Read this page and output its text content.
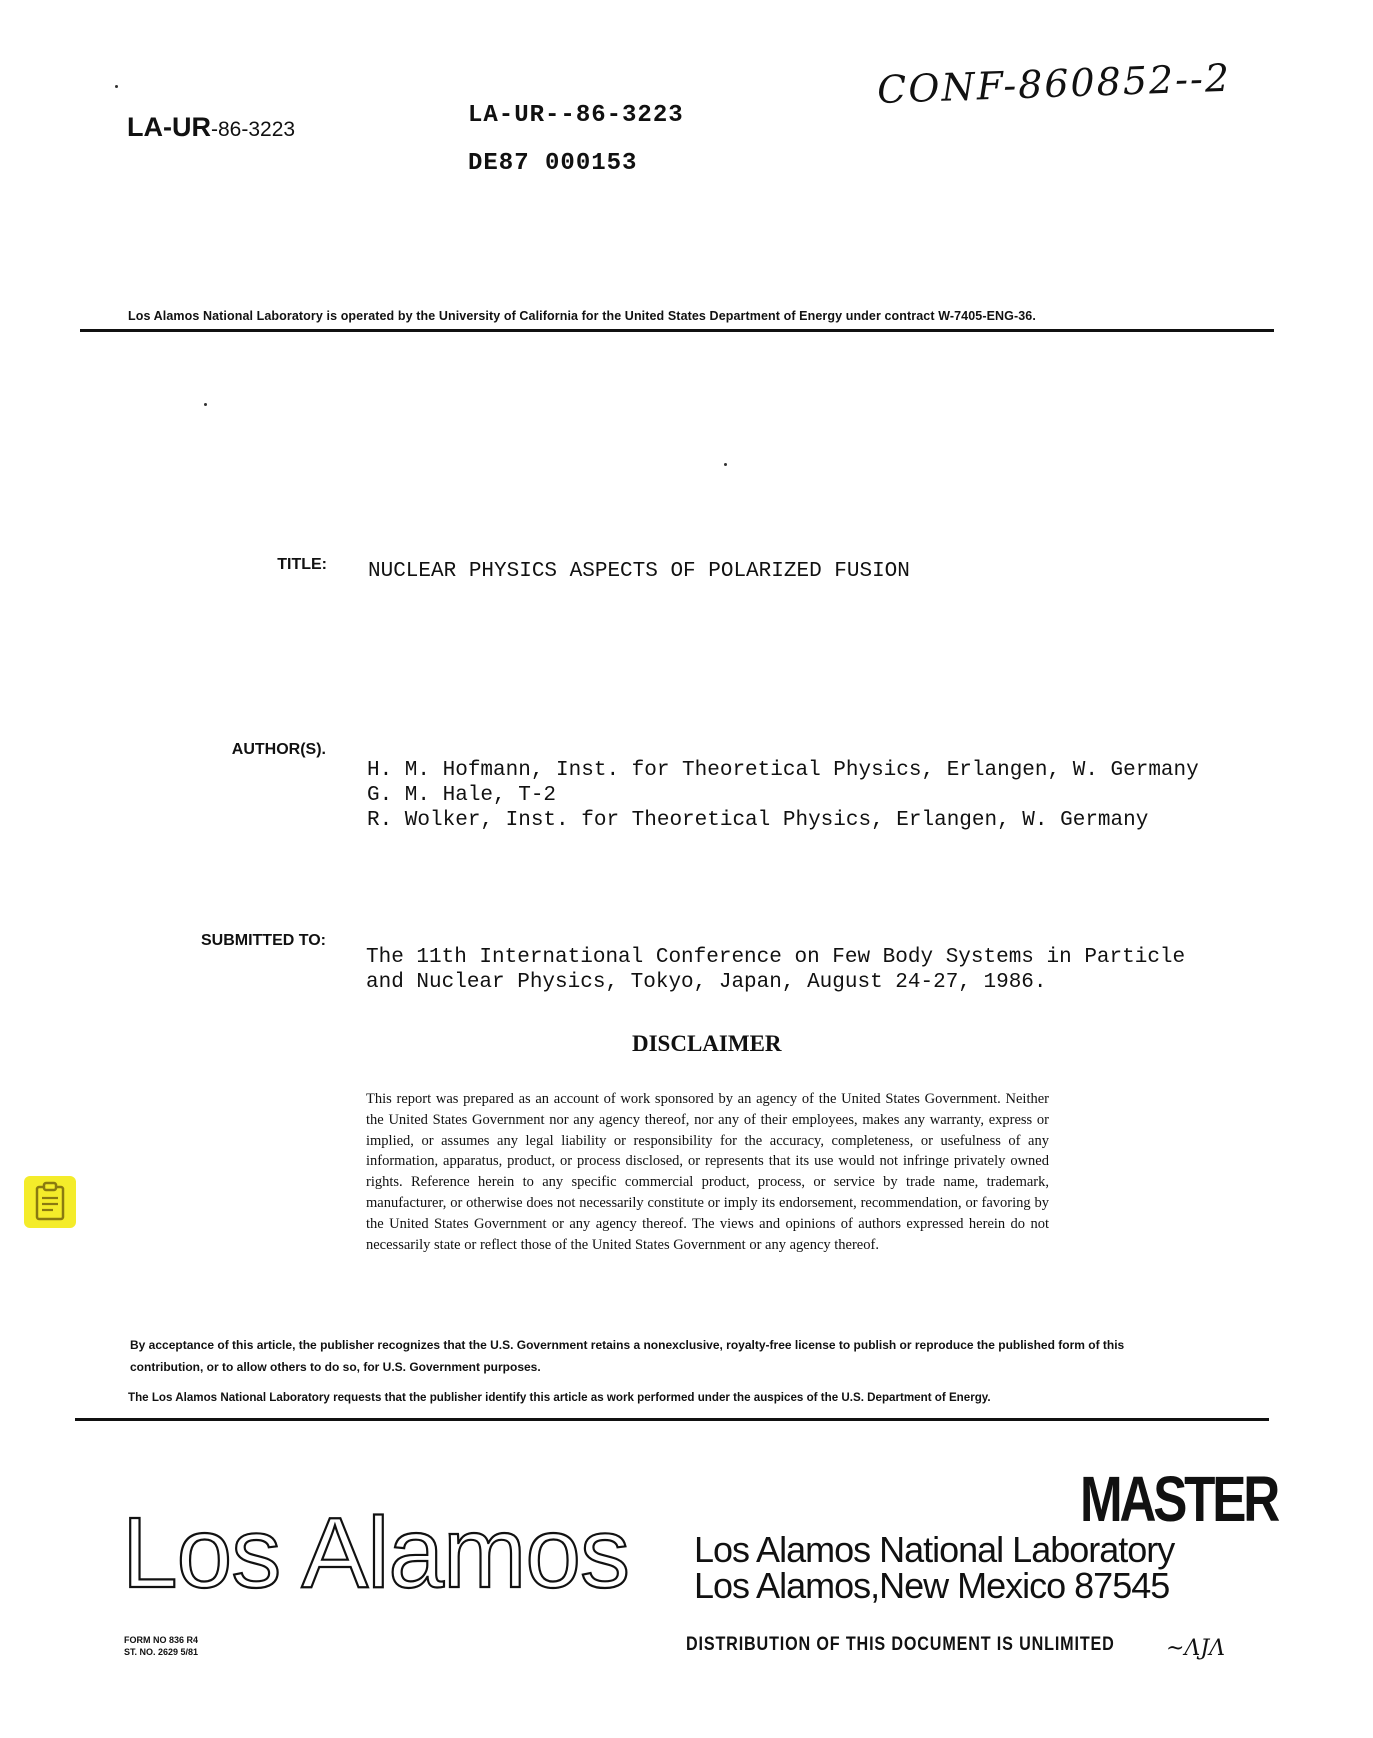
LA-UR-86-3223
LA-UR--86-3223
DE87 000153
CONF-860852--2
Los Alamos National Laboratory is operated by the University of California for the United States Department of Energy under contract W-7405-ENG-36.
TITLE: NUCLEAR PHYSICS ASPECTS OF POLARIZED FUSION
AUTHOR(S).
H. M. Hofmann, Inst. for Theoretical Physics, Erlangen, W. Germany
G. M. Hale, T-2
R. Wolker, Inst. for Theoretical Physics, Erlangen, W. Germany
SUBMITTED TO:
The 11th International Conference on Few Body Systems in Particle
and Nuclear Physics, Tokyo, Japan, August 24-27, 1986.
DISCLAIMER
This report was prepared as an account of work sponsored by an agency of the United States Government. Neither the United States Government nor any agency thereof, nor any of their employees, makes any warranty, express or implied, or assumes any legal liability or responsibility for the accuracy, completeness, or usefulness of any information, apparatus, product, or process disclosed, or represents that its use would not infringe privately owned rights. Reference herein to any specific commercial product, process, or service by trade name, trademark, manufacturer, or otherwise does not necessarily constitute or imply its endorsement, recommendation, or favoring by the United States Government or any agency thereof. The views and opinions of authors expressed herein do not necessarily state or reflect those of the United States Government or any agency thereof.
By acceptance of this article, the publisher recognizes that the U.S. Government retains a nonexclusive, royalty-free license to publish or reproduce the published form of this contribution, or to allow others to do so, for U.S. Government purposes.
The Los Alamos National Laboratory requests that the publisher identify this article as work performed under the auspices of the U.S. Department of Energy.
MASTER
Los Alamos Los Alamos National Laboratory
Los Alamos,New Mexico 87545
FORM NO 836 R4
ST. NO. 2629 5/81	DISTRIBUTION OF THIS DOCUMENT IS UNLIMITED ~ΛJΛ
